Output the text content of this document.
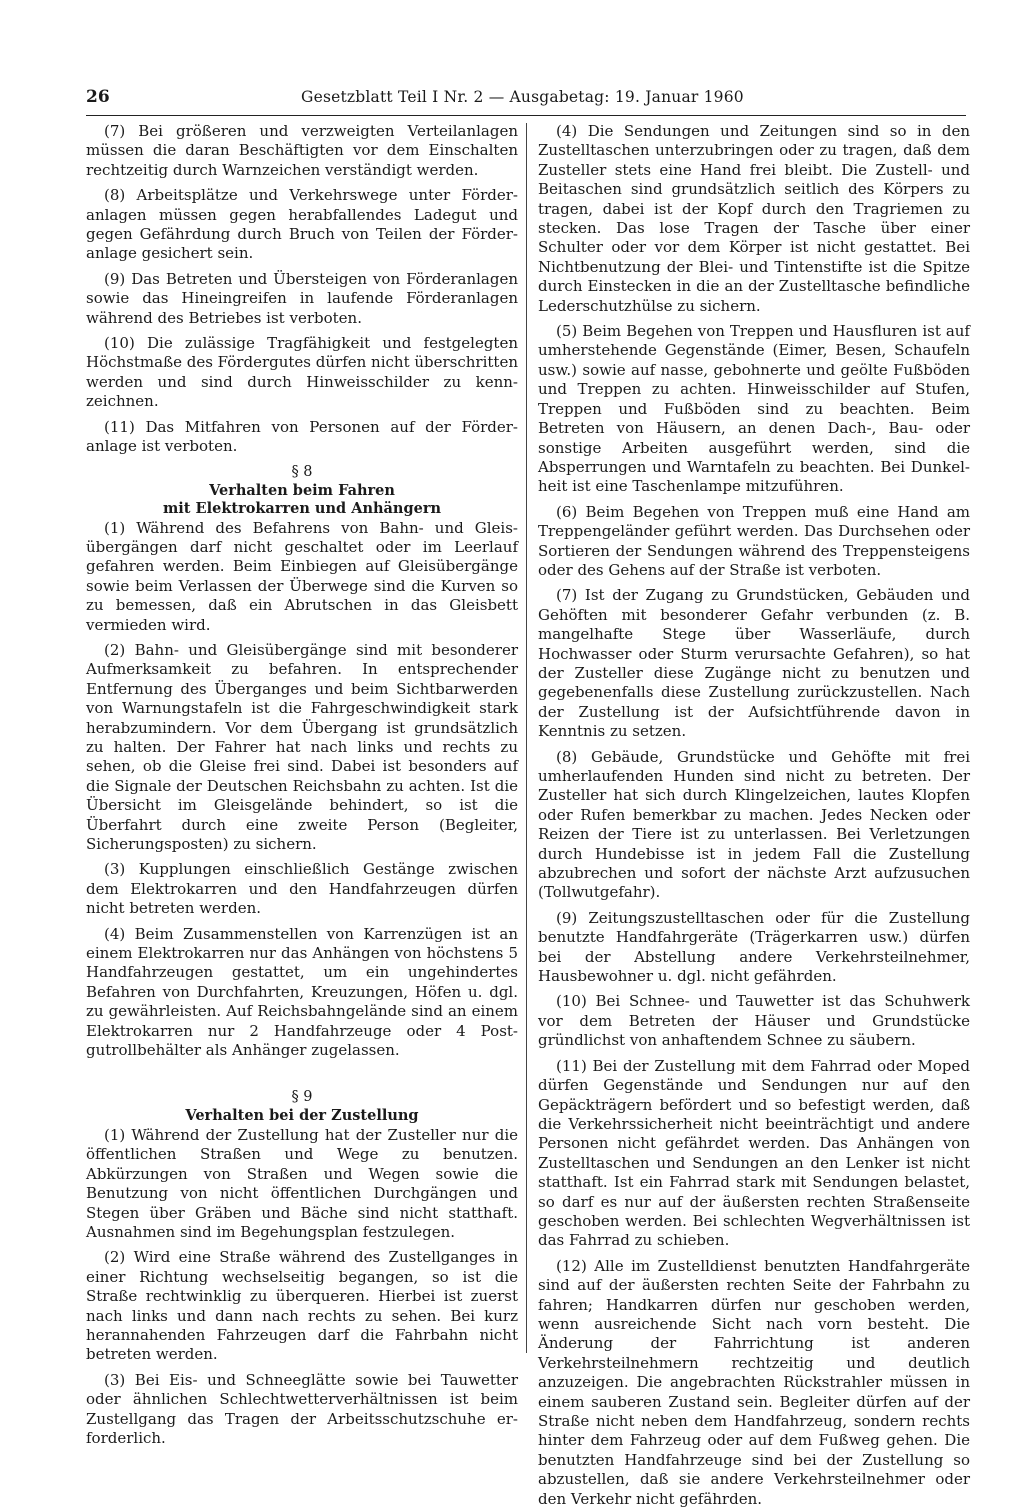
26	Gesetzblatt Teil I Nr. 2 — Ausgabetag: 19. Januar 1960

(7) Bei größeren und verzweigten Verteilanlagen müssen die daran Beschäftigten vor dem Einschalten rechtzeitig durch Warnzeichen verständigt werden.

(8) Arbeitsplätze und Verkehrswege unter Förderanlagen müssen gegen herabfallendes Ladegut und gegen Gefährdung durch Bruch von Teilen der Förderanlage gesichert sein.

(9) Das Betreten und Übersteigen von Förderanlagen sowie das Hineingreifen in laufende Förderanlagen während des Betriebes ist verboten.

(10) Die zulässige Tragfähigkeit und festgelegten Höchstmaße des Fördergutes dürfen nicht überschritten werden und sind durch Hinweisschilder zu kennzeichnen.

(11) Das Mitfahren von Personen auf der Förderanlage ist verboten.

§ 8

Verhalten beim Fahren

mit Elektrokarren und Anhängern

(1) Während des Befahrens von Bahn- und Gleisübergängen darf nicht geschaltet oder im Leerlauf gefahren werden. Beim Einbiegen auf Gleisübergänge sowie beim Verlassen der Überwege sind die Kurven so zu bemessen, daß ein Abrutschen in das Gleisbett vermieden wird.

(2) Bahn- und Gleisübergänge sind mit besonderer Aufmerksamkeit zu befahren. In entsprechender Entfernung des Überganges und beim Sichtbarwerden von Warnungstafeln ist die Fahrgeschwindigkeit stark herabzumindern. Vor dem Übergang ist grundsätzlich zu halten. Der Fahrer hat nach links und rechts zu sehen, ob die Gleise frei sind. Dabei ist besonders auf die Signale der Deutschen Reichsbahn zu achten. Ist die Übersicht im Gleisgelände behindert, so ist die Überfahrt durch eine zweite Person (Begleiter, Sicherungsposten) zu sichern.

(3) Kupplungen einschließlich Gestänge zwischen dem Elektrokarren und den Handfahrzeugen dürfen nicht betreten werden.

(4) Beim Zusammenstellen von Karrenzügen ist an einem Elektrokarren nur das Anhängen von höchstens 5 Handfahrzeugen gestattet, um ein ungehindertes Befahren von Durchfahrten, Kreuzungen, Höfen u. dgl. zu gewährleisten. Auf Reichsbahngelände sind an einem Elektrokarren nur 2 Handfahrzeuge oder 4 Postgutrollbehälter als Anhänger zugelassen.

§ 9

Verhalten bei der Zustellung

(1) Während der Zustellung hat der Zusteller nur die öffentlichen Straßen und Wege zu benutzen. Abkürzungen von Straßen und Wegen sowie die Benutzung von nicht öffentlichen Durchgängen und Stegen über Gräben und Bäche sind nicht statthaft. Ausnahmen sind im Begehungsplan festzulegen.

(2) Wird eine Straße während des Zustellganges in einer Richtung wechselseitig begangen, so ist die Straße rechtwinklig zu überqueren. Hierbei ist zuerst nach links und dann nach rechts zu sehen. Bei kurz herannahenden Fahrzeugen darf die Fahrbahn nicht betreten werden.

(3) Bei Eis- und Schneeglätte sowie bei Tauwetter oder ähnlichen Schlechtwetterverhältnissen ist beim Zustellgang das Tragen der Arbeitsschutzschuhe erforderlich.

(4) Die Sendungen und Zeitungen sind so in den Zustelltaschen unterzubringen oder zu tragen, daß dem Zusteller stets eine Hand frei bleibt. Die Zustell- und Beitaschen sind grundsätzlich seitlich des Körpers zu tragen, dabei ist der Kopf durch den Tragriemen zu stecken. Das lose Tragen der Tasche über einer Schulter oder vor dem Körper ist nicht gestattet. Bei Nichtbenutzung der Blei- und Tintenstifte ist die Spitze durch Einstecken in die an der Zustelltasche befindliche Lederschutzhülse zu sichern.

(5) Beim Begehen von Treppen und Hausfluren ist auf umherstehende Gegenstände (Eimer, Besen, Schaufeln usw.) sowie auf nasse, gebohnerte und geölte Fußböden und Treppen zu achten. Hinweisschilder auf Stufen, Treppen und Fußböden sind zu beachten. Beim Betreten von Häusern, an denen Dach-, Bau- oder sonstige Arbeiten ausgeführt werden, sind die Absperrungen und Warntafeln zu beachten. Bei Dunkelheit ist eine Taschenlampe mitzuführen.

(6) Beim Begehen von Treppen muß eine Hand am Treppengeländer geführt werden. Das Durchsehen oder Sortieren der Sendungen während des Treppensteigens oder des Gehens auf der Straße ist verboten.

(7) Ist der Zugang zu Grundstücken, Gebäuden und Gehöften mit besonderer Gefahr verbunden (z. B. mangelhafte Stege über Wasserläufe, durch Hochwasser oder Sturm verursachte Gefahren), so hat der Zusteller diese Zugänge nicht zu benutzen und gegebenenfalls diese Zustellung zurückzustellen. Nach der Zustellung ist der Aufsichtführende davon in Kenntnis zu setzen.

(8) Gebäude, Grundstücke und Gehöfte mit frei umherlaufenden Hunden sind nicht zu betreten. Der Zusteller hat sich durch Klingelzeichen, lautes Klopfen oder Rufen bemerkbar zu machen. Jedes Necken oder Reizen der Tiere ist zu unterlassen. Bei Verletzungen durch Hundebisse ist in jedem Fall die Zustellung abzubrechen und sofort der nächste Arzt aufzusuchen (Tollwutgefahr).

(9) Zeitungszustelltaschen oder für die Zustellung benutzte Handfahrgeräte (Trägerkarren usw.) dürfen bei der Abstellung andere Verkehrsteilnehmer, Hausbewohner u. dgl. nicht gefährden.

(10) Bei Schnee- und Tauwetter ist das Schuhwerk vor dem Betreten der Häuser und Grundstücke gründlichst von anhaftendem Schnee zu säubern.

(11) Bei der Zustellung mit dem Fahrrad oder Moped dürfen Gegenstände und Sendungen nur auf den Gepäckträgern befördert und so befestigt werden, daß die Verkehrssicherheit nicht beeinträchtigt und andere Personen nicht gefährdet werden. Das Anhängen von Zustelltaschen und Sendungen an den Lenker ist nicht statthaft. Ist ein Fahrrad stark mit Sendungen belastet, so darf es nur auf der äußersten rechten Straßenseite geschoben werden. Bei schlechten Wegverhältnissen ist das Fahrrad zu schieben.

(12) Alle im Zustelldienst benutzten Handfahrgeräte sind auf der äußersten rechten Seite der Fahrbahn zu fahren; Handkarren dürfen nur geschoben werden, wenn ausreichende Sicht nach vorn besteht. Die Änderung der Fahrrichtung ist anderen Verkehrsteilnehmern rechtzeitig und deutlich anzuzeigen. Die angebrachten Rückstrahler müssen in einem sauberen Zustand sein. Begleiter dürfen auf der Straße nicht neben dem Handfahrzeug, sondern rechts hinter dem Fahrzeug oder auf dem Fußweg gehen. Die benutzten Handfahrzeuge sind bei der Zustellung so abzustellen, daß sie andere Verkehrsteilnehmer oder den Verkehr nicht gefährden.
